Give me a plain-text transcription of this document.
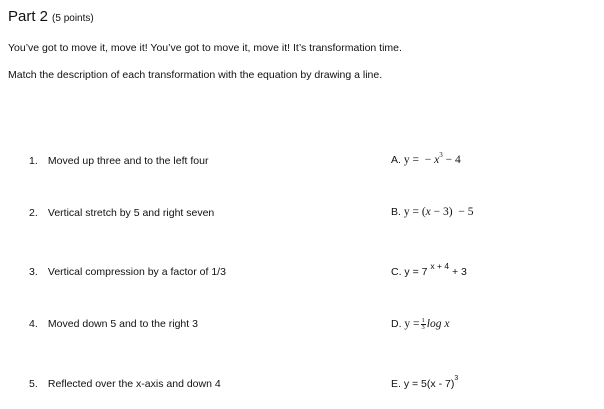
Part 2 (5 points)
You’ve got to move it, move it! You’ve got to move it, move it! It’s transformation time.
Match the description of each transformation with the equation by drawing a line.
1. Moved up three and to the left four
2. Vertical stretch by 5 and right seven
3. Vertical compression by a factor of 1/3
4. Moved down 5 and to the right 3
5. Reflected over the x-axis and down 4
A. y = − $x^3 - 4$
B. y = (x − 3)  − 5
C. y = 7 $^{x + 4}$ + 3
D. $y = \frac{1}{3}$ log x
E. y = 5(x - 7)$^3$
